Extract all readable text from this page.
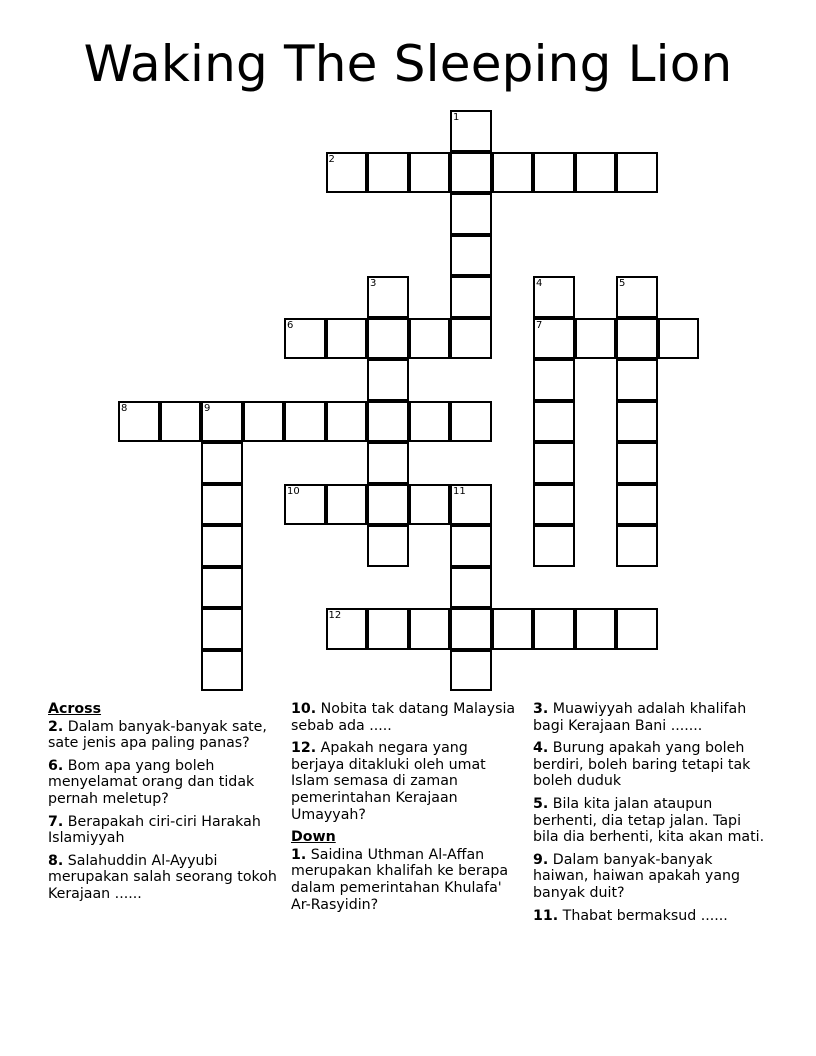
Waking The Sleeping Lion
1
2
3	4
7
5
6
8	9
10	11
12
Across
2. Dalam banyak-banyak sate, sate jenis apa paling panas?
6. Bom apa yang boleh menyelamat orang dan tidak pernah meletup?
7. Berapakah ciri-ciri Harakah Islamiyyah
8. Salahuddin Al-Ayyubi merupakan salah seorang tokoh Kerajaan ......
10. Nobita tak datang Malaysia sebab ada .....
12. Apakah negara yang berjaya ditakluki oleh umat Islam semasa di zaman pemerintahan Kerajaan Umayyah?
Down
1. Saidina Uthman Al-Affan merupakan khalifah ke berapa dalam pemerintahan Khulafa' Ar-Rasyidin?
3. Muawiyyah adalah khalifah bagi Kerajaan Bani .......
4. Burung apakah yang boleh berdiri, boleh baring tetapi tak boleh duduk
5. Bila kita jalan ataupun berhenti, dia tetap jalan. Tapi bila dia berhenti, kita akan mati.
9. Dalam banyak-banyak haiwan, haiwan apakah yang banyak duit?
11. Thabat bermaksud ......
